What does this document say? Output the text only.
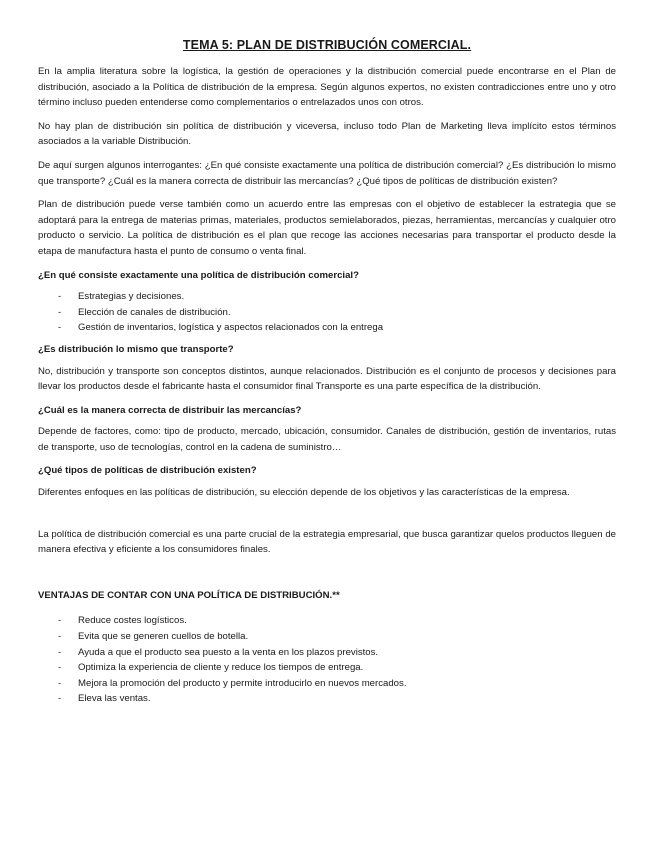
TEMA 5: PLAN DE DISTRIBUCIÓN COMERCIAL.

En la amplia literatura sobre la logística, la gestión de operaciones y la distribución comercial puede encontrarse en el Plan de distribución, asociado a la Política de distribución de la empresa. Según algunos expertos, no existen contradicciones entre uno y otro término incluso pueden entenderse como complementarios o entrelazados unos con otros.

No hay plan de distribución sin política de distribución y viceversa, incluso todo Plan de Marketing lleva implícito estos términos asociados a la variable Distribución.

De aquí surgen algunos interrogantes: ¿En qué consiste exactamente una política de distribución comercial? ¿Es distribución lo mismo que transporte? ¿Cuál es la manera correcta de distribuir las mercancías? ¿Qué tipos de políticas de distribución existen?

Plan de distribución puede verse también como un acuerdo entre las empresas con el objetivo de establecer la estrategia que se adoptará para la entrega de materias primas, materiales, productos semielaborados, piezas, herramientas, mercancías y cualquier otro producto o servicio. La política de distribución es el plan que recoge las acciones necesarias para transportar el producto desde la etapa de manufactura hasta el punto de consumo o venta final.

¿En qué consiste exactamente una política de distribución comercial?
- Estrategias y decisiones.
- Elección de canales de distribución.
- Gestión de inventarios, logística y aspectos relacionados con la entrega
¿Es distribución lo mismo que transporte?

No, distribución y transporte son conceptos distintos, aunque relacionados. Distribución es el conjunto de procesos y decisiones para llevar los productos desde el fabricante hasta el consumidor final Transporte es una parte específica de la distribución.

¿Cuál es la manera correcta de distribuir las mercancías?

Depende de factores, como: tipo de producto, mercado, ubicación, consumidor. Canales de distribución, gestión de inventarios, rutas de transporte, uso de tecnologías, control en la cadena de suministro…

¿Qué tipos de políticas de distribución existen?

Diferentes enfoques en las políticas de distribución, su elección depende de los objetivos y las características de la empresa.

La política de distribución comercial es una parte crucial de la estrategia empresarial, que busca garantizar quelos productos lleguen de manera efectiva y eficiente a los consumidores finales.

VENTAJAS DE CONTAR CON UNA POLÍTICA DE DISTRIBUCIÓN.**
- Reduce costes logísticos.
- Evita que se generen cuellos de botella.
- Ayuda a que el producto sea puesto a la venta en los plazos previstos.
- Optimiza la experiencia de cliente y reduce los tiempos de entrega.
- Mejora la promoción del producto y permite introducirlo en nuevos mercados.
- Eleva las ventas.
